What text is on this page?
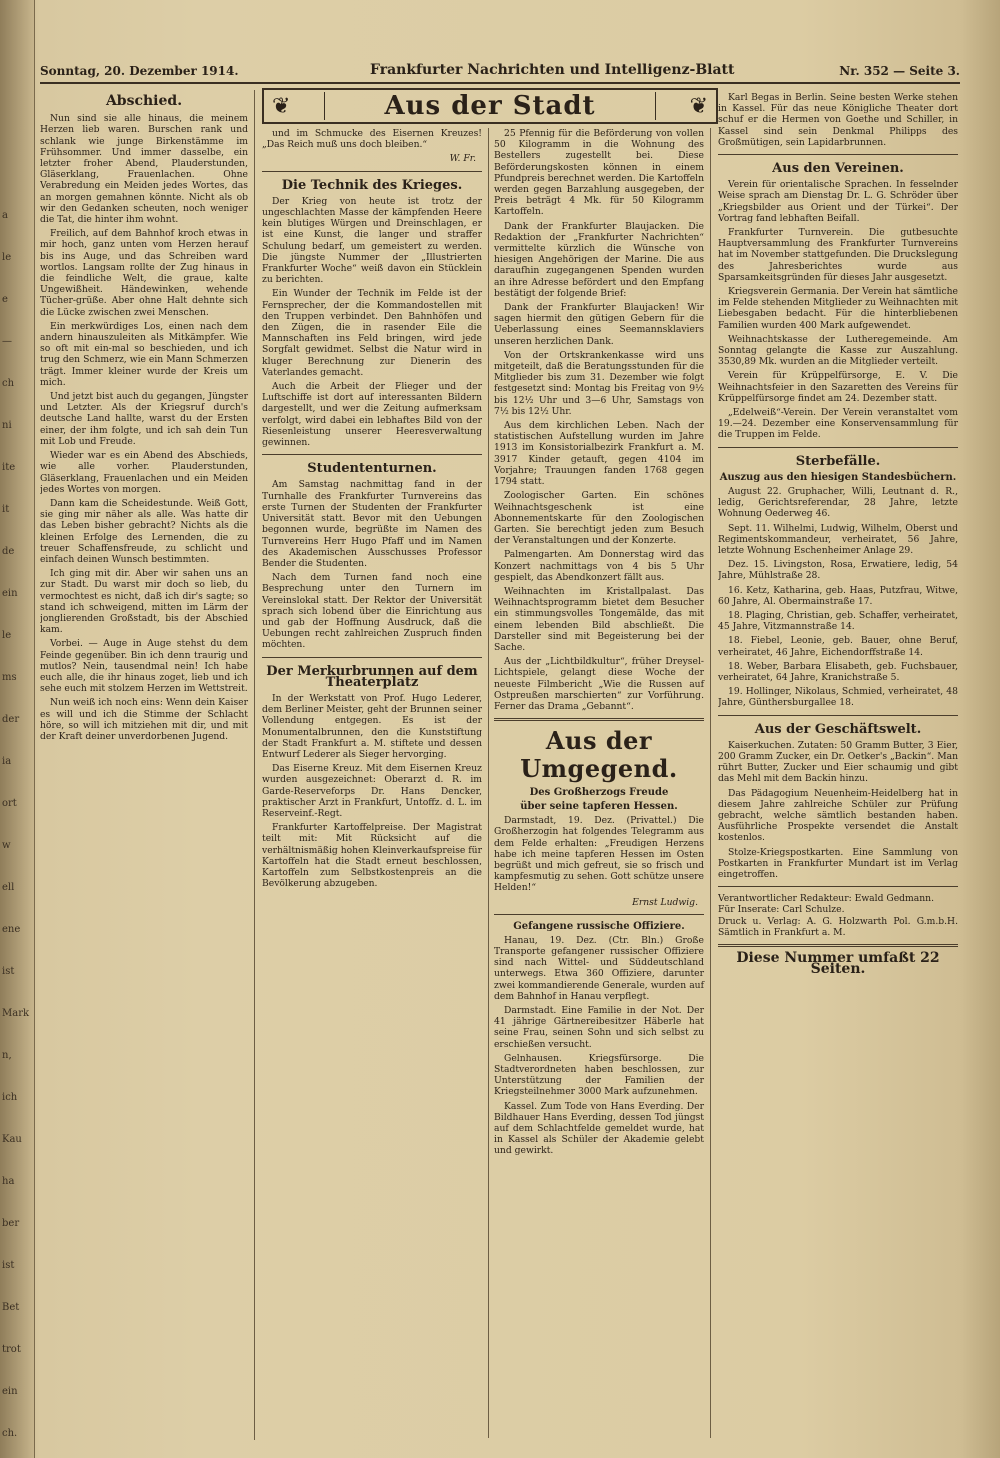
a
le
e
—
ch
ni
ite
it
de
ein
le
ms
der
ia
ort
w
ell
ene
ist
Mark
n,
ich
Kau
ha
ber
ist
Bet
trot
ein
ch.
Sonntag, 20. Dezember 1914.	Frankfurter Nachrichten und Intelligenz-Blatt	Nr. 352 — Seite 3.
❦	Aus der Stadt	❦
Abschied.

Nun sind sie alle hinaus, die meinem Herzen lieb waren. Burschen rank und schlank wie junge Birkenstämme im Frühsommer. Und immer dasselbe, ein letzter froher Abend, Plauderstunden, Gläserklang, Frauenlachen. Ohne Verabredung ein Meiden jedes Wortes, das an morgen gemahnen könnte. Nicht als ob wir den Gedanken scheuten, noch weniger die Tat, die hinter ihm wohnt.

Freilich, auf dem Bahnhof kroch etwas in mir hoch, ganz unten vom Herzen herauf bis ins Auge, und das Schreiben ward wortlos. Langsam rollte der Zug hinaus in die feindliche Welt, die graue, kalte Ungewißheit. Händewinken, wehende Tücher-grüße. Aber ohne Halt dehnte sich die Lücke zwischen zwei Menschen.

Ein merkwürdiges Los, einen nach dem andern hinauszuleiten als Mitkämpfer. Wie so oft mit ein-mal so beschieden, und ich trug den Schmerz, wie ein Mann Schmerzen trägt. Immer kleiner wurde der Kreis um mich.

Und jetzt bist auch du gegangen, Jüngster und Letzter. Als der Kriegsruf durch's deutsche Land hallte, warst du der Ersten einer, der ihm folgte, und ich sah dein Tun mit Lob und Freude.

Wieder war es ein Abend des Abschieds, wie alle vorher. Plauderstunden, Gläserklang, Frauenlachen und ein Meiden jedes Wortes von morgen.

Dann kam die Scheidestunde. Weiß Gott, sie ging mir näher als alle. Was hatte dir das Leben bisher gebracht? Nichts als die kleinen Erfolge des Lernenden, die zu treuer Schaffensfreude, zu schlicht und einfach deinen Wunsch bestimmten.

Ich ging mit dir. Aber wir sahen uns an zur Stadt. Du warst mir doch so lieb, du vermochtest es nicht, daß ich dir's sagte; so stand ich schweigend, mitten im Lärm der jonglierenden Großstadt, bis der Abschied kam.

Vorbei. — Auge in Auge stehst du dem Feinde gegenüber. Bin ich denn traurig und mutlos? Nein, tausendmal nein! Ich habe euch alle, die ihr hinaus zoget, lieb und ich sehe euch mit stolzem Herzen im Wettstreit.

Nun weiß ich noch eins: Wenn dein Kaiser es will und ich die Stimme der Schlacht höre, so will ich mitziehen mit dir, und mit der Kraft deiner unverdorbenen Jugend.

und im Schmucke des Eisernen Kreuzes! „Das Reich muß uns doch bleiben.“

W. Fr.
Die Technik des Krieges.

Der Krieg von heute ist trotz der ungeschlachten Masse der kämpfenden Heere kein blutiges Würgen und Dreinschlagen, er ist eine Kunst, die langer und straffer Schulung bedarf, um gemeistert zu werden. Die jüngste Nummer der „Illustrierten Frankfurter Woche“ weiß davon ein Stücklein zu berichten.

Ein Wunder der Technik im Felde ist der Fernsprecher, der die Kommandostellen mit den Truppen verbindet. Den Bahnhöfen und den Zügen, die in rasender Eile die Mannschaften ins Feld bringen, wird jede Sorgfalt gewidmet. Selbst die Natur wird in kluger Berechnung zur Dienerin des Vaterlandes gemacht.

Auch die Arbeit der Flieger und der Luftschiffe ist dort auf interessanten Bildern dargestellt, und wer die Zeitung aufmerksam verfolgt, wird dabei ein lebhaftes Bild von der Riesenleistung unserer Heeresverwaltung gewinnen.

Studententurnen.

Am Samstag nachmittag fand in der Turnhalle des Frankfurter Turnvereins das erste Turnen der Studenten der Frankfurter Universität statt. Bevor mit den Uebungen begonnen wurde, begrüßte im Namen des Turnvereins Herr Hugo Pfaff und im Namen des Akademischen Ausschusses Professor Bender die Studenten.

Nach dem Turnen fand noch eine Besprechung unter den Turnern im Vereinslokal statt. Der Rektor der Universität sprach sich lobend über die Einrichtung aus und gab der Hoffnung Ausdruck, daß die Uebungen recht zahlreichen Zuspruch finden möchten.

Der Merkurbrunnen auf dem Theaterplatz

In der Werkstatt von Prof. Hugo Lederer, dem Berliner Meister, geht der Brunnen seiner Vollendung entgegen. Es ist der Monumentalbrunnen, den die Kunststiftung der Stadt Frankfurt a. M. stiftete und dessen Entwurf Lederer als Sieger hervorging.

Das Eiserne Kreuz. Mit dem Eisernen Kreuz wurden ausgezeichnet: Oberarzt d. R. im Garde-Reserveforps Dr. Hans Dencker, praktischer Arzt in Frankfurt, Untoffz. d. L. im Reserveinf.-Regt.

Frankfurter Kartoffelpreise. Der Magistrat teilt mit: Mit Rücksicht auf die verhältnismäßig hohen Kleinverkaufspreise für Kartoffeln hat die Stadt erneut beschlossen, Kartoffeln zum Selbstkostenpreis an die Bevölkerung abzugeben.

25 Pfennig für die Beförderung von vollen 50 Kilogramm in die Wohnung des Bestellers zugestellt bei. Diese Beförderungskosten können in einem Pfundpreis berechnet werden. Die Kartoffeln werden gegen Barzahlung ausgegeben, der Preis beträgt 4 Mk. für 50 Kilogramm Kartoffeln.

Dank der Frankfurter Blaujacken. Die Redaktion der „Frankfurter Nachrichten“ vermittelte kürzlich die Wünsche von hiesigen Angehörigen der Marine. Die aus daraufhin zugegangenen Spenden wurden an ihre Adresse befördert und den Empfang bestätigt der folgende Brief:

Dank der Frankfurter Blaujacken! Wir sagen hiermit den gütigen Gebern für die Ueberlassung eines Seemannsklaviers unseren herzlichen Dank.

Von der Ortskrankenkasse wird uns mitgeteilt, daß die Beratungsstunden für die Mitglieder bis zum 31. Dezember wie folgt festgesetzt sind: Montag bis Freitag von 9½ bis 12½ Uhr und 3—6 Uhr, Samstags von 7½ bis 12½ Uhr.

Aus dem kirchlichen Leben. Nach der statistischen Aufstellung wurden im Jahre 1913 im Konsistorialbezirk Frankfurt a. M. 3917 Kinder getauft, gegen 4104 im Vorjahre; Trauungen fanden 1768 gegen 1794 statt.

Zoologischer Garten. Ein schönes Weihnachtsgeschenk ist eine Abonnementskarte für den Zoologischen Garten. Sie berechtigt jeden zum Besuch der Veranstaltungen und der Konzerte.

Palmengarten. Am Donnerstag wird das Konzert nachmittags von 4 bis 5 Uhr gespielt, das Abendkonzert fällt aus.

Weihnachten im Kristallpalast. Das Weihnachtsprogramm bietet dem Besucher ein stimmungsvolles Tongemälde, das mit einem lebenden Bild abschließt. Die Darsteller sind mit Begeisterung bei der Sache.

Aus der „Lichtbildkultur“, früher Dreysel-Lichtspiele, gelangt diese Woche der neueste Filmbericht „Wie die Russen auf Ostpreußen marschierten“ zur Vorführung. Ferner das Drama „Gebannt“.

Aus der Umgegend.
Des Großherzogs Freude
über seine tapferen Hessen.

Darmstadt, 19. Dez. (Privattel.) Die Großherzogin hat folgendes Telegramm aus dem Felde erhalten: „Freudigen Herzens habe ich meine tapferen Hessen im Osten begrüßt und mich gefreut, sie so frisch und kampfesmutig zu sehen. Gott schütze unsere Helden!“

Ernst Ludwig.
Gefangene russische Offiziere.

Hanau, 19. Dez. (Ctr. Bln.) Große Transporte gefangener russischer Offiziere sind nach Wittel- und Süddeutschland unterwegs. Etwa 360 Offiziere, darunter zwei kommandierende Generale, wurden auf dem Bahnhof in Hanau verpflegt.

Darmstadt. Eine Familie in der Not. Der 41 jährige Gärtnereibesitzer Häberle hat seine Frau, seinen Sohn und sich selbst zu erschießen versucht.

Gelnhausen. Kriegsfürsorge. Die Stadtverordneten haben beschlossen, zur Unterstützung der Familien der Kriegsteilnehmer 3000 Mark aufzunehmen.

Kassel. Zum Tode von Hans Everding. Der Bildhauer Hans Everding, dessen Tod jüngst auf dem Schlachtfelde gemeldet wurde, hat in Kassel als Schüler der Akademie gelebt und gewirkt.

Karl Begas in Berlin. Seine besten Werke stehen in Kassel. Für das neue Königliche Theater dort schuf er die Hermen von Goethe und Schiller, in Kassel sind sein Denkmal Philipps des Großmütigen, sein Lapidarbrunnen.

Aus den Vereinen.

Verein für orientalische Sprachen. In fesselnder Weise sprach am Dienstag Dr. L. G. Schröder über „Kriegsbilder aus Orient und der Türkei“. Der Vortrag fand lebhaften Beifall.

Frankfurter Turnverein. Die gutbesuchte Hauptversammlung des Frankfurter Turnvereins hat im November stattgefunden. Die Druckslegung des Jahresberichtes wurde aus Sparsamkeitsgründen für dieses Jahr ausgesetzt.

Kriegsverein Germania. Der Verein hat sämtliche im Felde stehenden Mitglieder zu Weihnachten mit Liebesgaben bedacht. Für die hinterbliebenen Familien wurden 400 Mark aufgewendet.

Weihnachtskasse der Lutheregemeinde. Am Sonntag gelangte die Kasse zur Auszahlung. 3530,89 Mk. wurden an die Mitglieder verteilt.

Verein für Krüppelfürsorge, E. V. Die Weihnachtsfeier in den Sazaretten des Vereins für Krüppelfürsorge findet am 24. Dezember statt.

„Edelweiß“-Verein. Der Verein veranstaltet vom 19.—24. Dezember eine Konservensammlung für die Truppen im Felde.

Sterbefälle.
Auszug aus den hiesigen Standesbüchern.

August 22. Gruphacher, Willi, Leutnant d. R., ledig, Gerichtsreferendar, 28 Jahre, letzte Wohnung Oederweg 46.

Sept. 11. Wilhelmi, Ludwig, Wilhelm, Oberst und Regimentskommandeur, verheiratet, 56 Jahre, letzte Wohnung Eschenheimer Anlage 29.

Dez. 15. Livingston, Rosa, Erwatiere, ledig, 54 Jahre, Mühlstraße 28.

16. Ketz, Katharina, geb. Haas, Putzfrau, Witwe, 60 Jahre, Al. Obermainstraße 17.

18. Plaging, Christian, geb. Schaffer, verheiratet, 45 Jahre, Vitzmannstraße 14.

18. Fiebel, Leonie, geb. Bauer, ohne Beruf, verheiratet, 46 Jahre, Eichendorffstraße 14.

18. Weber, Barbara Elisabeth, geb. Fuchsbauer, verheiratet, 64 Jahre, Kranichstraße 5.

19. Hollinger, Nikolaus, Schmied, verheiratet, 48 Jahre, Günthersburgallee 18.

Aus der Geschäftswelt.

Kaiserkuchen. Zutaten: 50 Gramm Butter, 3 Eier, 200 Gramm Zucker, ein Dr. Oetker's „Backin“. Man rührt Butter, Zucker und Eier schaumig und gibt das Mehl mit dem Backin hinzu.

Das Pädagogium Neuenheim-Heidelberg hat in diesem Jahre zahlreiche Schüler zur Prüfung gebracht, welche sämtlich bestanden haben. Ausführliche Prospekte versendet die Anstalt kostenlos.

Stolze-Kriegspostkarten. Eine Sammlung von Postkarten in Frankfurter Mundart ist im Verlag eingetroffen.

Verantwortlicher Redakteur: Ewald Gedmann.
Für Inserate: Carl Schulze.
Druck u. Verlag: A. G. Holzwarth Pol. G.m.b.H. Sämtlich in Frankfurt a. M.
Diese Nummer umfaßt 22 Seiten.
